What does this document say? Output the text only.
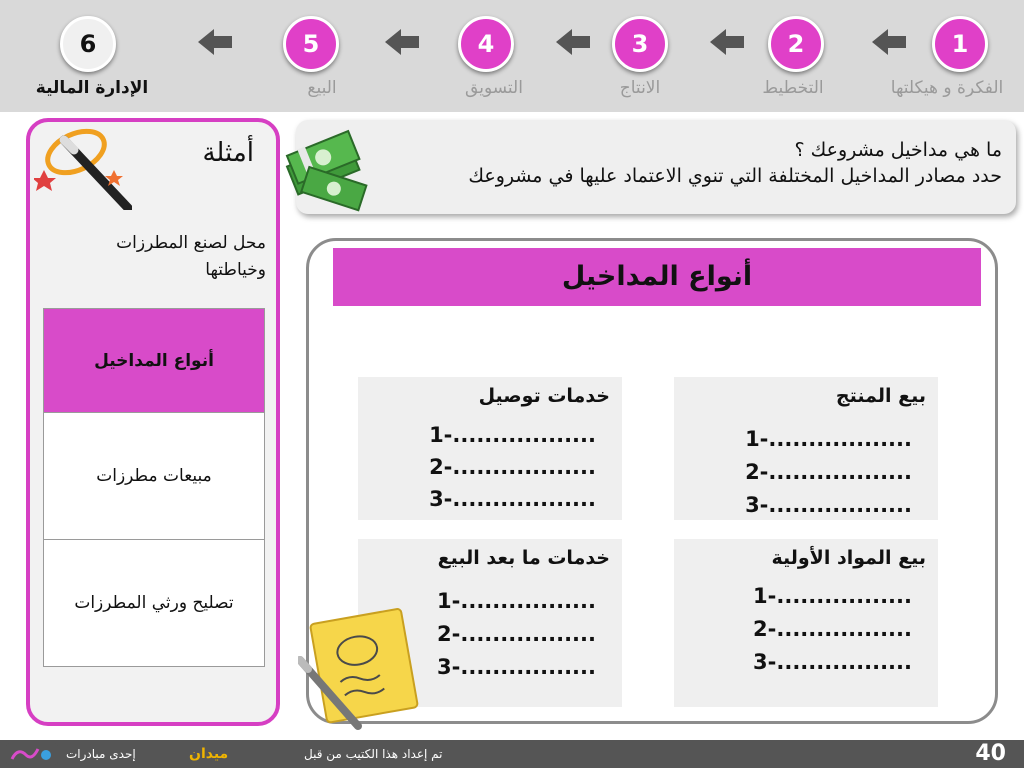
1
2
3
4
5
6
الفكرة و هيكلتها
التخطيط
الانتاج
التسويق
البيع
الإدارة المالية
أمثلة
محل لصنع المطرزات وخياطتها
أنواع المداخيل
مبيعات مطرزات
تصليح ورثي المطرزات
ما هي مداخيل مشروعك ؟
حدد مصادر المداخيل المختلفة التي تنوي الاعتماد عليها في مشروعك
أنواع المداخيل
بيع المنتج
1-..................
2-..................
3-..................
خدمات توصيل
1-..................
2-..................
3-..................
بيع المواد الأولية
1-.................
2-.................
3-.................
خدمات ما بعد البيع
1-.................
2-.................
3-.................
40
تم إعداد هذا الكتيب من قبل
ميدان
إحدى مبادرات
